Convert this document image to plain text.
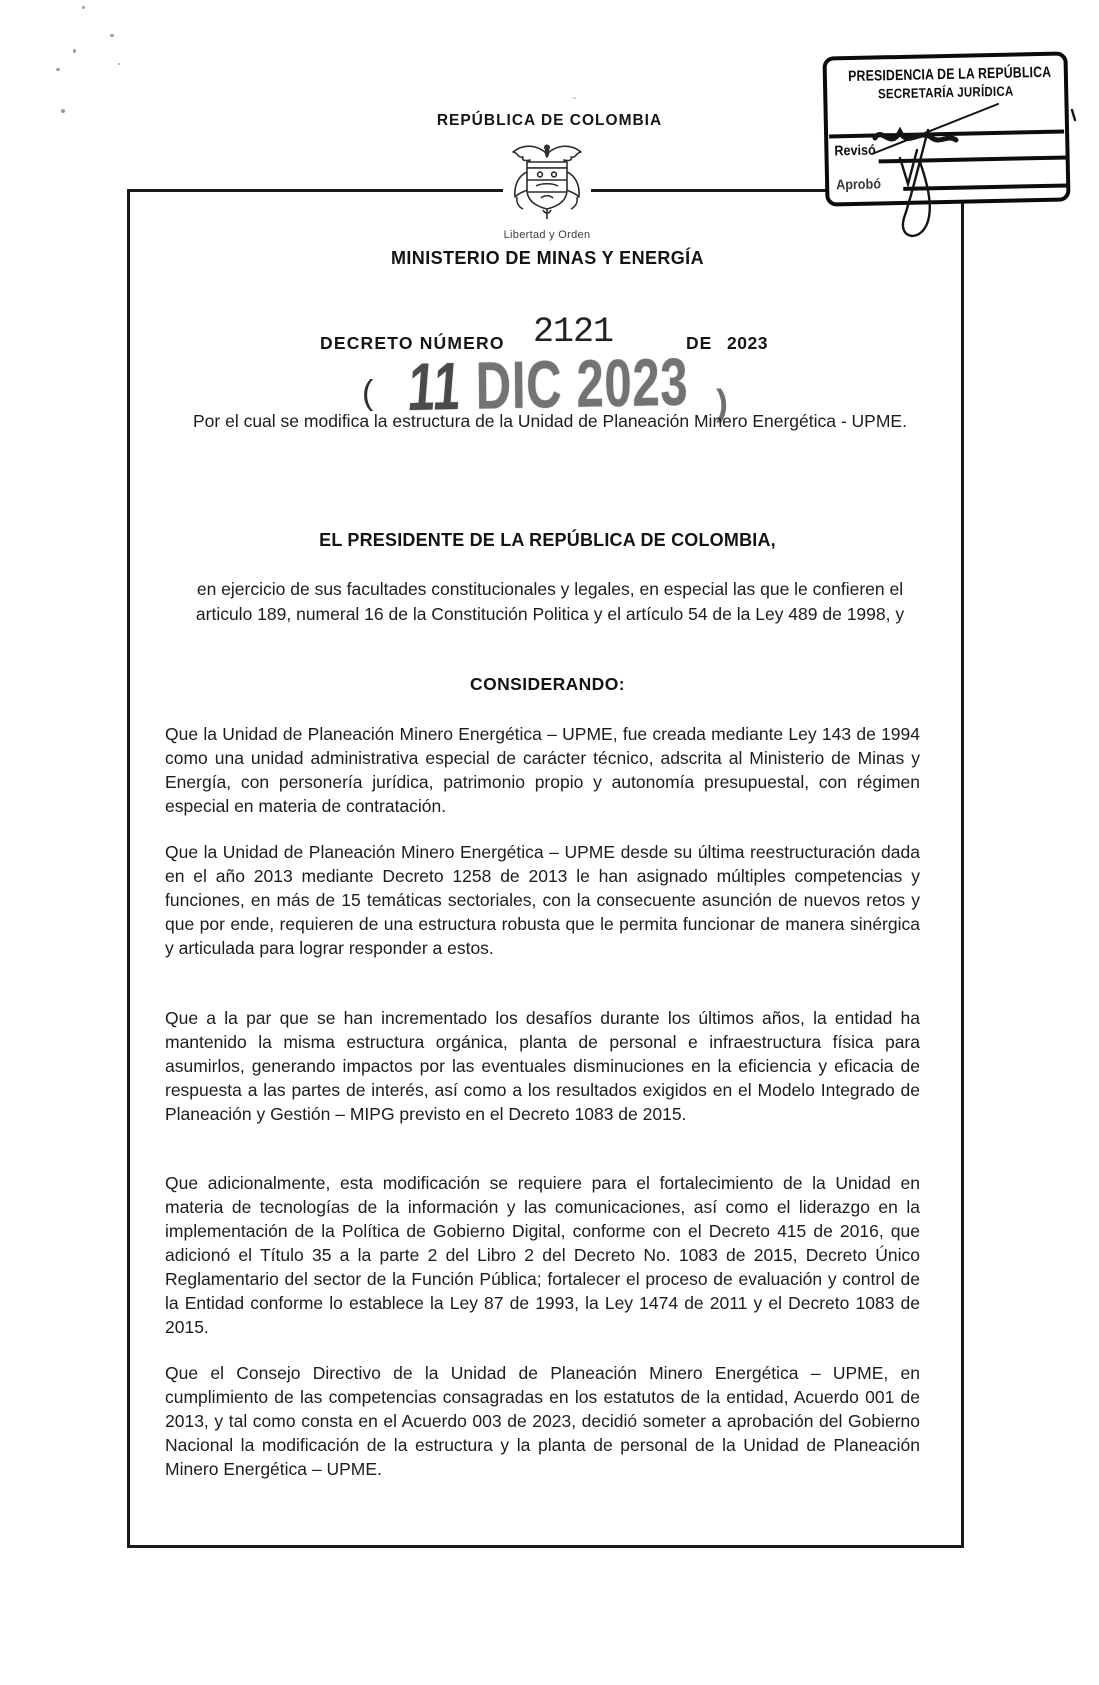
REPÚBLICA DE COLOMBIA
Libertad y Orden
MINISTERIO DE MINAS Y ENERGÍA
DECRETO NÚMERO 2121	DE 2023
( 11 DIC 2023 )
PRESIDENCIA DE LA REPÚBLICA
SECRETARÍA JURÍDICA
Revisó
Aprobó
Por el cual se modifica la estructura de la Unidad de Planeación Minero Energética - UPME.
EL PRESIDENTE DE LA REPÚBLICA DE COLOMBIA,
en ejercicio de sus facultades constitucionales y legales, en especial las que le confieren el articulo 189, numeral 16 de la Constitución Politica y el artículo 54 de la Ley 489 de 1998, y
CONSIDERANDO:

Que la Unidad de Planeación Minero Energética – UPME, fue creada mediante Ley 143 de 1994 como una unidad administrativa especial de carácter técnico, adscrita al Ministerio de Minas y Energía, con personería jurídica, patrimonio propio y autonomía presupuestal, con régimen especial en materia de contratación.

Que la Unidad de Planeación Minero Energética – UPME desde su última reestructuración dada en el año 2013 mediante Decreto 1258 de 2013 le han asignado múltiples competencias y funciones, en más de 15 temáticas sectoriales, con la consecuente asunción de nuevos retos y que por ende, requieren de una estructura robusta que le permita funcionar de manera sinérgica y articulada para lograr responder a estos.

Que a la par que se han incrementado los desafíos durante los últimos años, la entidad ha mantenido la misma estructura orgánica, planta de personal e infraestructura física para asumirlos, generando impactos por las eventuales disminuciones en la eficiencia y eficacia de respuesta a las partes de interés, así como a los resultados exigidos en el Modelo Integrado de Planeación y Gestión – MIPG previsto en el Decreto 1083 de 2015.

Que adicionalmente, esta modificación se requiere para el fortalecimiento de la Unidad en materia de tecnologías de la información y las comunicaciones, así como el liderazgo en la implementación de la Política de Gobierno Digital, conforme con el Decreto 415 de 2016, que adicionó el Título 35 a la parte 2 del Libro 2 del Decreto No. 1083 de 2015, Decreto Único Reglamentario del sector de la Función Pública; fortalecer el proceso de evaluación y control de la Entidad conforme lo establece la Ley 87 de 1993, la Ley 1474 de 2011 y el Decreto 1083 de 2015.

Que el Consejo Directivo de la Unidad de Planeación Minero Energética – UPME, en cumplimiento de las competencias consagradas en los estatutos de la entidad, Acuerdo 001 de 2013, y tal como consta en el Acuerdo 003 de 2023, decidió someter a aprobación del Gobierno Nacional la modificación de la estructura y la planta de personal de la Unidad de Planeación Minero Energética – UPME.
